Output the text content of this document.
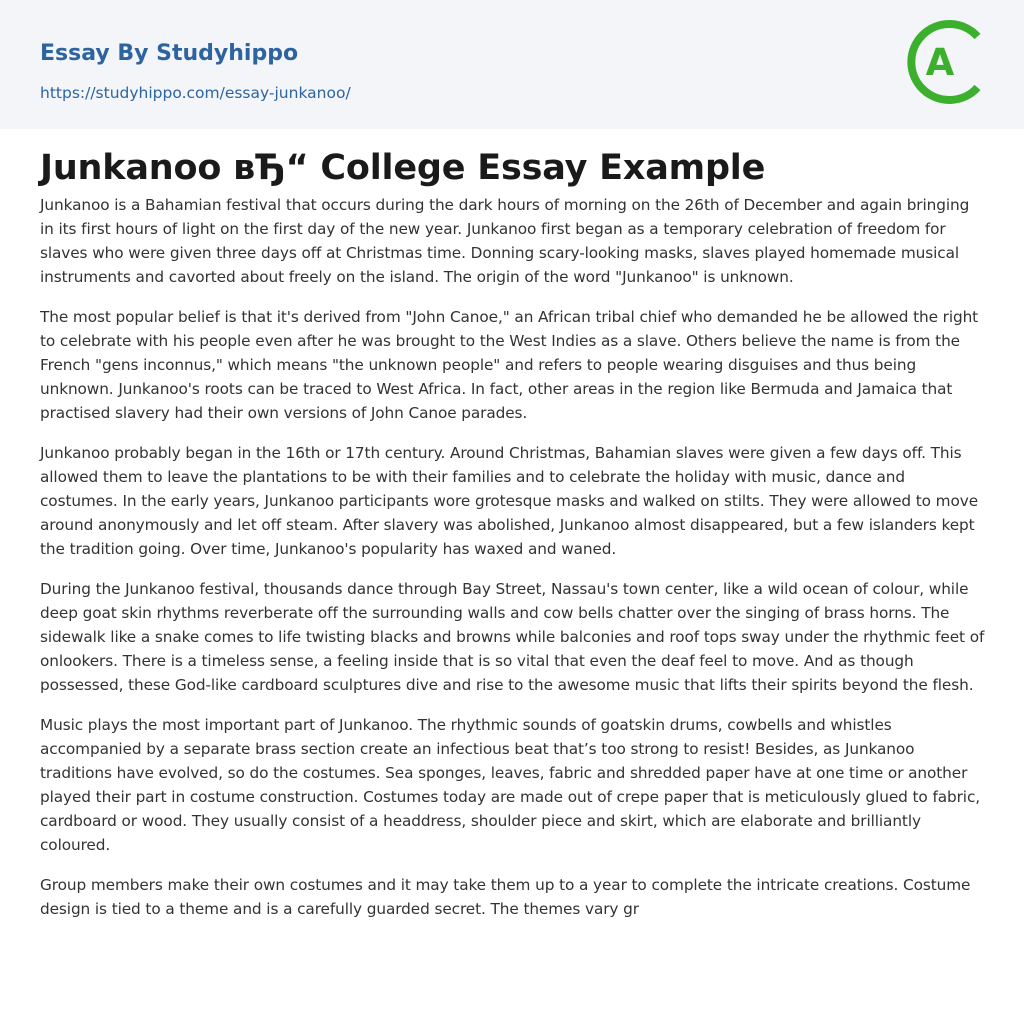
Essay By Studyhippo
https://studyhippo.com/essay-junkanoo/
A
Junkanoo вЂ“ College Essay Example

Junkanoo is a Bahamian festival that occurs during the dark hours of morning on the 26th of December and again bringing in its first hours of light on the first day of the new year. Junkanoo first began as a temporary celebration of freedom for slaves who were given three days off at Christmas time. Donning scary-looking masks, slaves played homemade musical instruments and cavorted about freely on the island. The origin of the word "Junkanoo" is unknown.

The most popular belief is that it's derived from "John Canoe," an African tribal chief who demanded he be allowed the right to celebrate with his people even after he was brought to the West Indies as a slave. Others believe the name is from the French "gens inconnus," which means "the unknown people" and refers to people wearing disguises and thus being unknown. Junkanoo's roots can be traced to West Africa. In fact, other areas in the region like Bermuda and Jamaica that practised slavery had their own versions of John Canoe parades.

Junkanoo probably began in the 16th or 17th century. Around Christmas, Bahamian slaves were given a few days off. This allowed them to leave the plantations to be with their families and to celebrate the holiday with music, dance and costumes. In the early years, Junkanoo participants wore grotesque masks and walked on stilts. They were allowed to move around anonymously and let off steam. After slavery was abolished, Junkanoo almost disappeared, but a few islanders kept the tradition going. Over time, Junkanoo's popularity has waxed and waned.

During the Junkanoo festival, thousands dance through Bay Street, Nassau's town center, like a wild ocean of colour, while deep goat skin rhythms reverberate off the surrounding walls and cow bells chatter over the singing of brass horns. The sidewalk like a snake comes to life twisting blacks and browns while balconies and roof tops sway under the rhythmic feet of onlookers. There is a timeless sense, a feeling inside that is so vital that even the deaf feel to move. And as though possessed, these God-like cardboard sculptures dive and rise to the awesome music that lifts their spirits beyond the flesh.

Music plays the most important part of Junkanoo. The rhythmic sounds of goatskin drums, cowbells and whistles accompanied by a separate brass section create an infectious beat that’s too strong to resist! Besides, as Junkanoo traditions have evolved, so do the costumes. Sea sponges, leaves, fabric and shredded paper have at one time or another played their part in costume construction. Costumes today are made out of crepe paper that is meticulously glued to fabric, cardboard or wood. They usually consist of a headdress, shoulder piece and skirt, which are elaborate and brilliantly coloured.

Group members make their own costumes and it may take them up to a year to complete the intricate creations. Costume design is tied to a theme and is a carefully guarded secret. The themes vary gr
